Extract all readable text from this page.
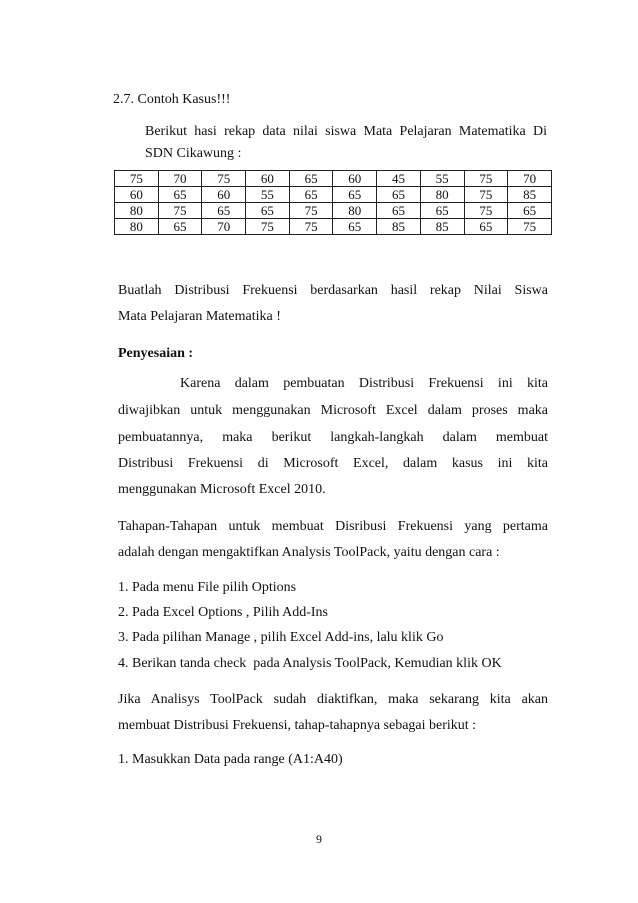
2.7. Contoh Kasus!!!
Berikut hasi rekap data nilai siswa Mata Pelajaran Matematika Di
SDN Cikawung :
75	70	75	60	65	60	45	55	75	70
60	65	60	55	65	65	65	80	75	85
80	75	65	65	75	80	65	65	75	65
80	65	70	75	75	65	85	85	65	75
Buatlah Distribusi Frekuensi berdasarkan hasil rekap Nilai Siswa
Mata Pelajaran Matematika !
Penyesaian :
Karena dalam pembuatan Distribusi Frekuensi ini kita
diwajibkan untuk menggunakan Microsoft Excel dalam proses maka
pembuatannya, maka berikut langkah-langkah dalam membuat
Distribusi Frekuensi di Microsoft Excel, dalam kasus ini kita
menggunakan Microsoft Excel 2010.
Tahapan-Tahapan untuk membuat Disribusi Frekuensi yang pertama
adalah dengan mengaktifkan Analysis ToolPack, yaitu dengan cara :
1. Pada menu File pilih Options
2. Pada Excel Options , Pilih Add-Ins
3. Pada pilihan Manage , pilih Excel Add-ins, lalu klik Go
4. Berikan tanda check  pada Analysis ToolPack, Kemudian klik OK
Jika Analisys ToolPack sudah diaktifkan, maka sekarang kita akan
membuat Distribusi Frekuensi, tahap-tahapnya sebagai berikut :
1. Masukkan Data pada range (A1:A40)
9
